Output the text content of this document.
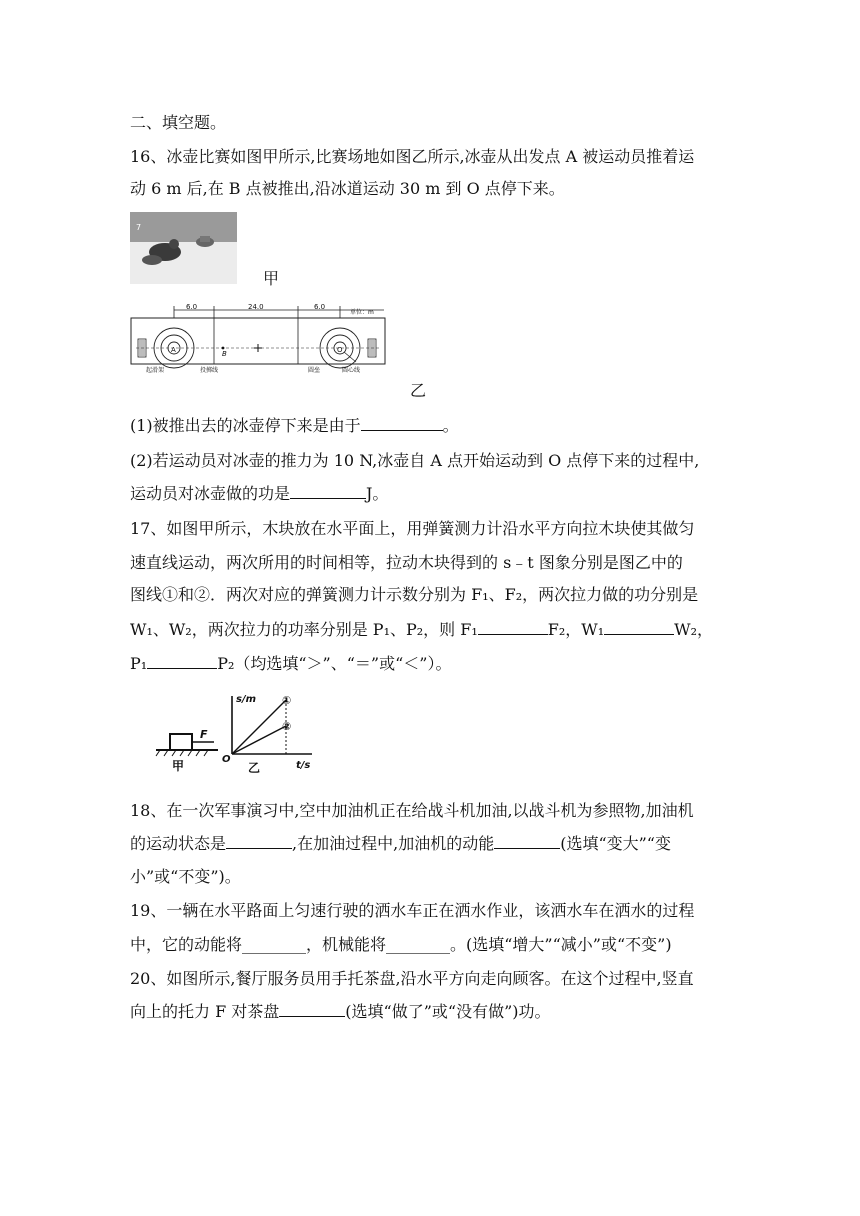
二、填空题。
16、冰壶比赛如图甲所示,比赛场地如图乙所示,冰壶从出发点 A 被运动员推着运
动 6 m 后,在 B 点被推出,沿冰道运动 30 m 到 O 点停下来。
7
甲
6.0	24.0	6.0
单位：m
A	B	O
起滑架	投掷线	圆垒	圆心线
乙
(1)被推出去的冰壶停下来是由于	。
(2)若运动员对冰壶的推力为 10 N,冰壶自 A 点开始运动到 O 点停下来的过程中,
运动员对冰壶做的功是	J。
17、如图甲所示，木块放在水平面上，用弹簧测力计沿水平方向拉木块使其做匀
速直线运动，两次所用的时间相等，拉动木块得到的 s﹣t 图象分别是图乙中的
图线①和②．两次对应的弹簧测力计示数分别为 F₁、F₂，两次拉力做的功分别是
W₁、W₂，两次拉力的功率分别是 P₁、P₂，则 F₁	F₂，W₁	W₂，
P₁	P₂（均选填“＞”、“＝”或“＜”）。
F
甲
s/m
t/s
O
①
②
乙
18、在一次军事演习中,空中加油机正在给战斗机加油,以战斗机为参照物,加油机
的运动状态是	,在加油过程中,加油机的动能	(选填“变大”“变
小”或“不变”)。
19、一辆在水平路面上匀速行驶的洒水车正在洒水作业，该洒水车在洒水的过程
中，它的动能将________，机械能将________。(选填“增大”“减小”或“不变”)
20、如图所示,餐厅服务员用手托茶盘,沿水平方向走向顾客。在这个过程中,竖直
向上的托力 F 对茶盘	(选填“做了”或“没有做”)功。
